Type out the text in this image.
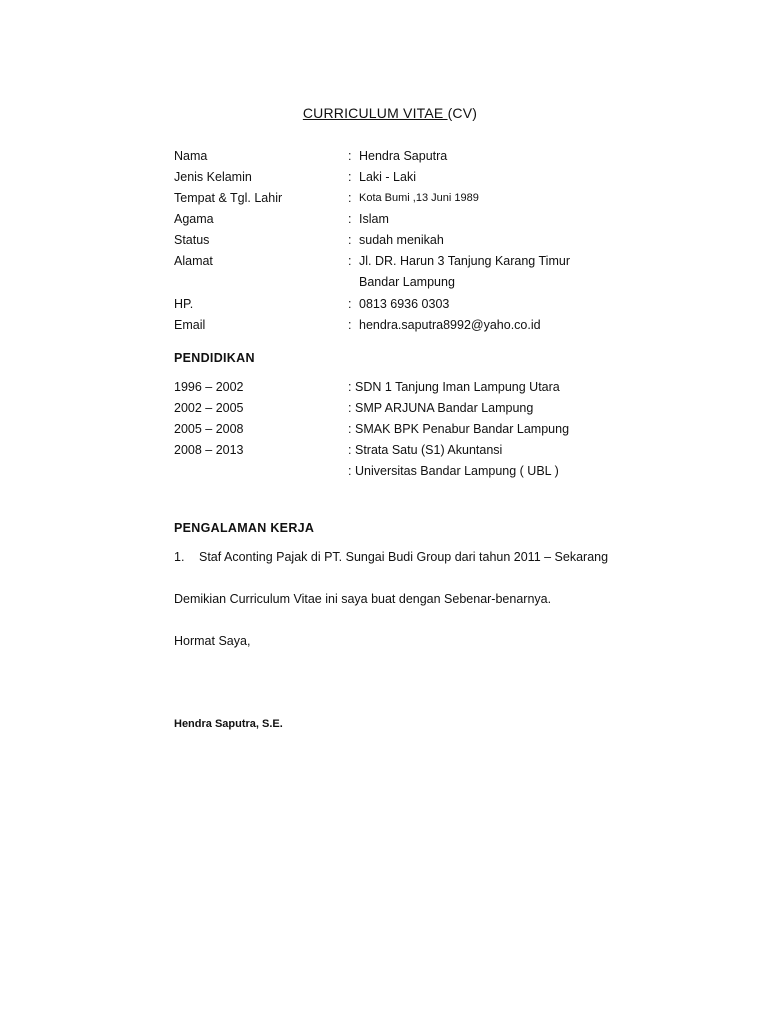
CURRICULUM VITAE (CV)
Nama	: Hendra Saputra
Jenis Kelamin	: Laki - Laki
Tempat & Tgl. Lahir	: Kota Bumi ,13 Juni 1989
Agama	: Islam
Status	: sudah menikah
Alamat	: Jl. DR. Harun 3 Tanjung Karang Timur
Bandar Lampung
HP.	: 0813 6936 0303
Email	: hendra.saputra8992@yaho.co.id
PENDIDIKAN
1996 – 2002	: SDN 1 Tanjung Iman Lampung Utara
2002 – 2005	: SMP ARJUNA Bandar Lampung
2005 – 2008	: SMAK BPK Penabur Bandar Lampung
2008 – 2013	: Strata Satu (S1) Akuntansi
: Universitas Bandar Lampung ( UBL )
PENGALAMAN KERJA
1. Staf Aconting Pajak di PT. Sungai Budi Group dari tahun 2011 – Sekarang
Demikian Curriculum Vitae ini saya buat dengan Sebenar-benarnya.
Hormat Saya,
Hendra Saputra, S.E.
